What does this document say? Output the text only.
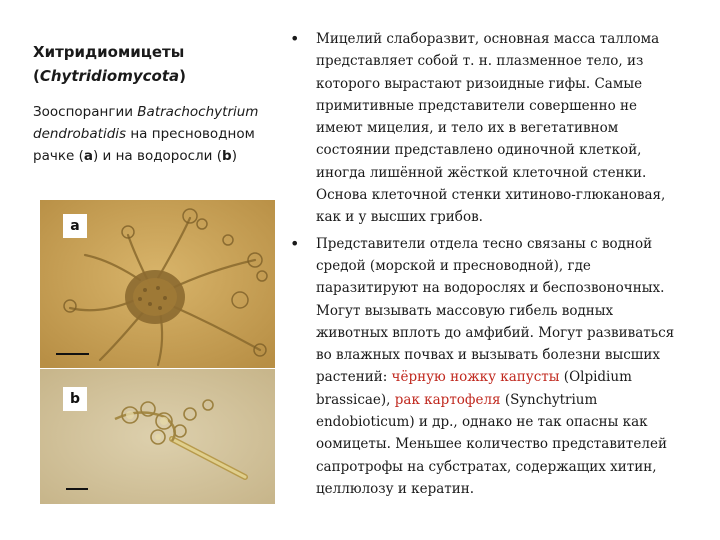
Хитридиомицеты
(Chytridiomycota)

Зооспорангии Batrachochytrium dendrobatidis на пресноводном рачке (a) и на водоросли (b)

a
b
• Мицелий слаборазвит, основная масса таллома представляет собой т. н. плазменное тело, из которого вырастают ризоидные гифы. Самые примитивные представители совершенно не имеют мицелия, и тело их в вегетативном состоянии представлено одиночной клеткой, иногда лишённой жёсткой клеточной стенки. Основа клеточной стенки хитиново-глюкановая, как и у высших грибов.
• Представители отдела тесно связаны с водной средой (морской и пресноводной), где паразитируют на водорослях и беспозвоночных. Могут вызывать массовую гибель водных животных вплоть до амфибий. Могут развиваться во влажных почвах и вызывать болезни высших растений: чёрную ножку капусты (Olpidium brassicae), рак картофеля (Synchytrium endobioticum) и др., однако не так опасны как оомицеты. Меньшее количество представителей сапротрофы на субстратах, содержащих хитин, целлюлозу и кератин.
